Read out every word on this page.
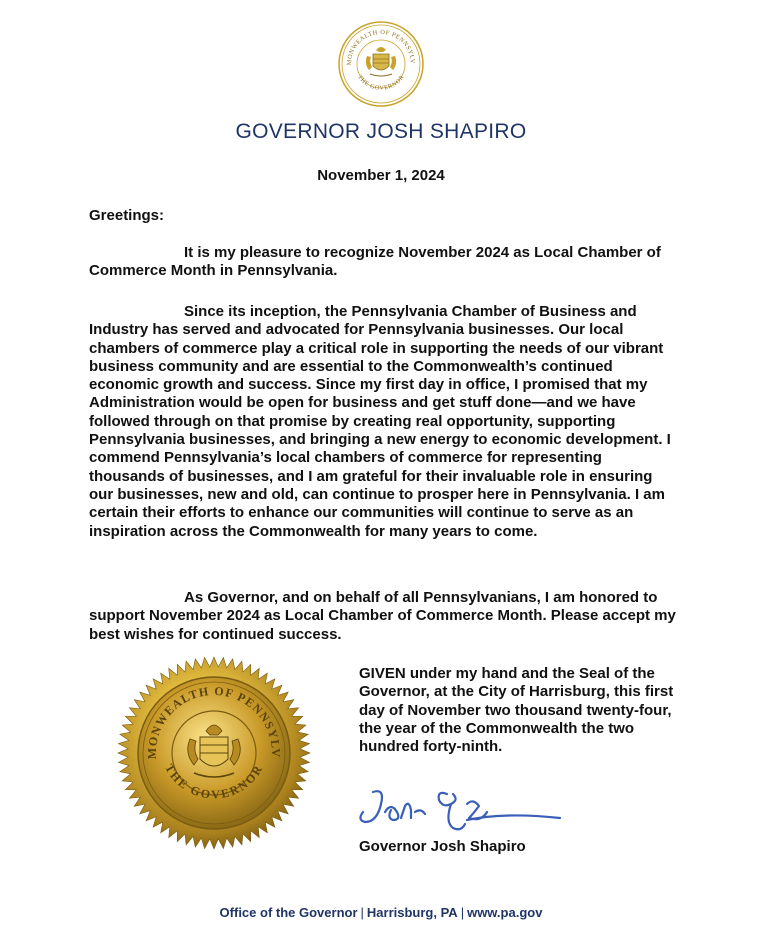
MONWEALTH OF PENNSYLV
THE GOVERNOR
GOVERNOR JOSH SHAPIRO
November 1, 2024
Greetings:

It is my pleasure to recognize November 2024 as Local Chamber of Commerce Month in Pennsylvania.

Since its inception, the Pennsylvania Chamber of Business and Industry has served and advocated for Pennsylvania businesses. Our local chambers of commerce play a critical role in supporting the needs of our vibrant business community and are essential to the Commonwealth’s continued economic growth and success. Since my first day in office, I promised that my Administration would be open for business and get stuff done—and we have followed through on that promise by creating real opportunity, supporting Pennsylvania businesses, and bringing a new energy to economic development. I commend Pennsylvania’s local chambers of commerce for representing thousands of businesses, and I am grateful for their invaluable role in ensuring our businesses, new and old, can continue to prosper here in Pennsylvania. I am certain their efforts to enhance our communities will continue to serve as an inspiration across the Commonwealth for many years to come.

As Governor, and on behalf of all Pennsylvanians, I am honored to support November 2024 as Local Chamber of Commerce Month. Please accept my best wishes for continued success.

MONWEALTH OF PENNSYLV
THE GOVERNOR
GIVEN under my hand and the Seal of the Governor, at the City of Harrisburg, this first day of November two thousand twenty-four, the year of the Commonwealth the two hundred forty-ninth.
Governor Josh Shapiro
Office of the Governor | Harrisburg, PA | www.pa.gov
